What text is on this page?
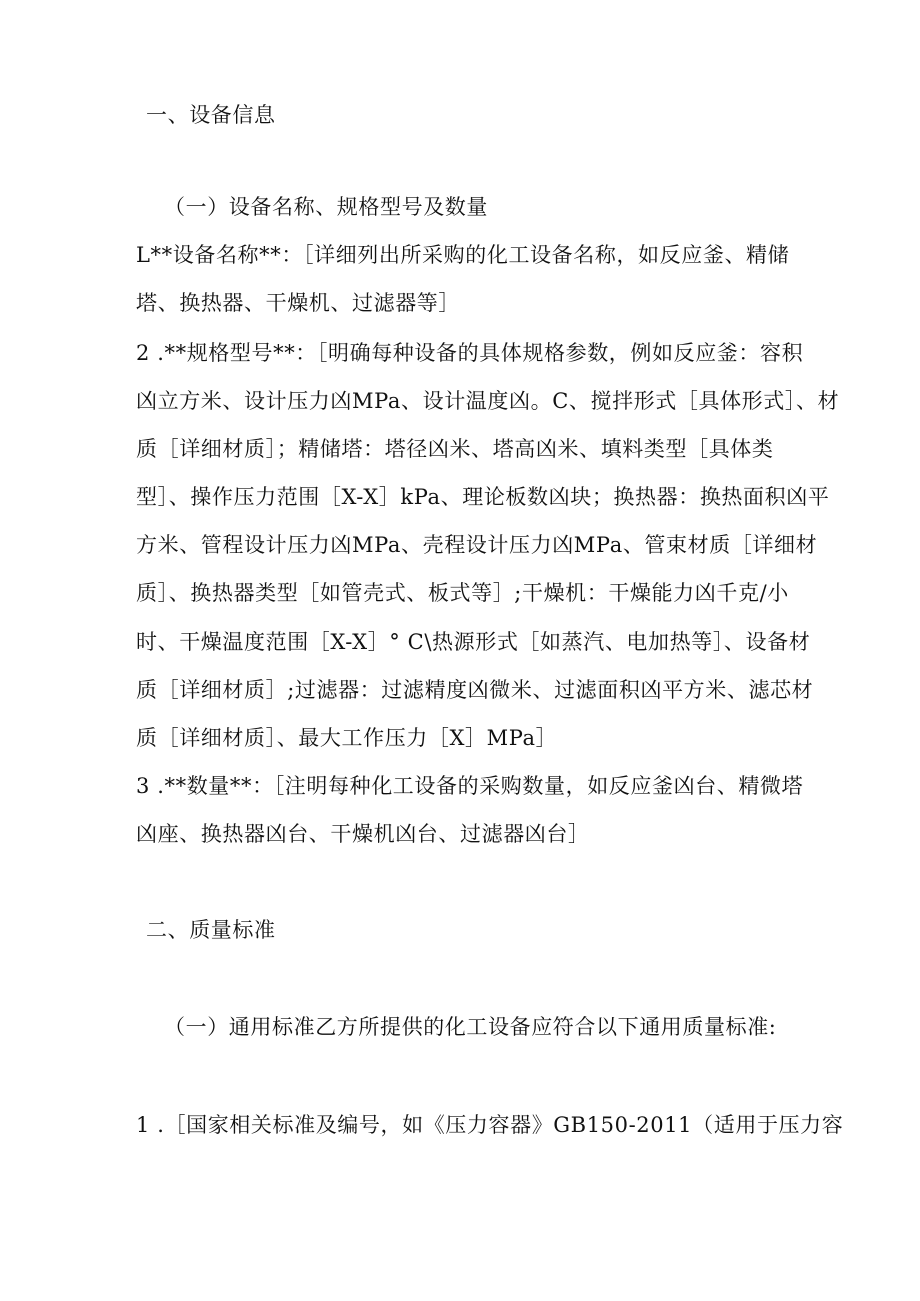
一、设备信息
（一）设备名称、规格型号及数量
L**设备名称**：［详细列出所采购的化工设备名称，如反应釜、精储
塔、换热器、干燥机、过滤器等］
2 .**规格型号**：［明确每种设备的具体规格参数，例如反应釜：容积
凶立方米、设计压力凶MPa、设计温度凶。C、搅拌形式［具体形式］、材
质［详细材质］；精储塔：塔径凶米、塔高凶米、填料类型［具体类
型］、操作压力范围［X-X］kPa、理论板数凶块；换热器：换热面积凶平
方米、管程设计压力凶MPa、壳程设计压力凶MPa、管束材质［详细材
质］、换热器类型［如管壳式、板式等］;干燥机：干燥能力凶千克/小
时、干燥温度范围［X-X］° C\热源形式［如蒸汽、电加热等］、设备材
质［详细材质］;过滤器：过滤精度凶微米、过滤面积凶平方米、滤芯材
质［详细材质］、最大工作压力［X］MPa］
3 .**数量**：［注明每种化工设备的采购数量，如反应釜凶台、精微塔
凶座、换热器凶台、干燥机凶台、过滤器凶台］
二、质量标准
（一）通用标准乙方所提供的化工设备应符合以下通用质量标准:
1 .［国家相关标准及编号，如《压力容器》GB150-2011（适用于压力容
